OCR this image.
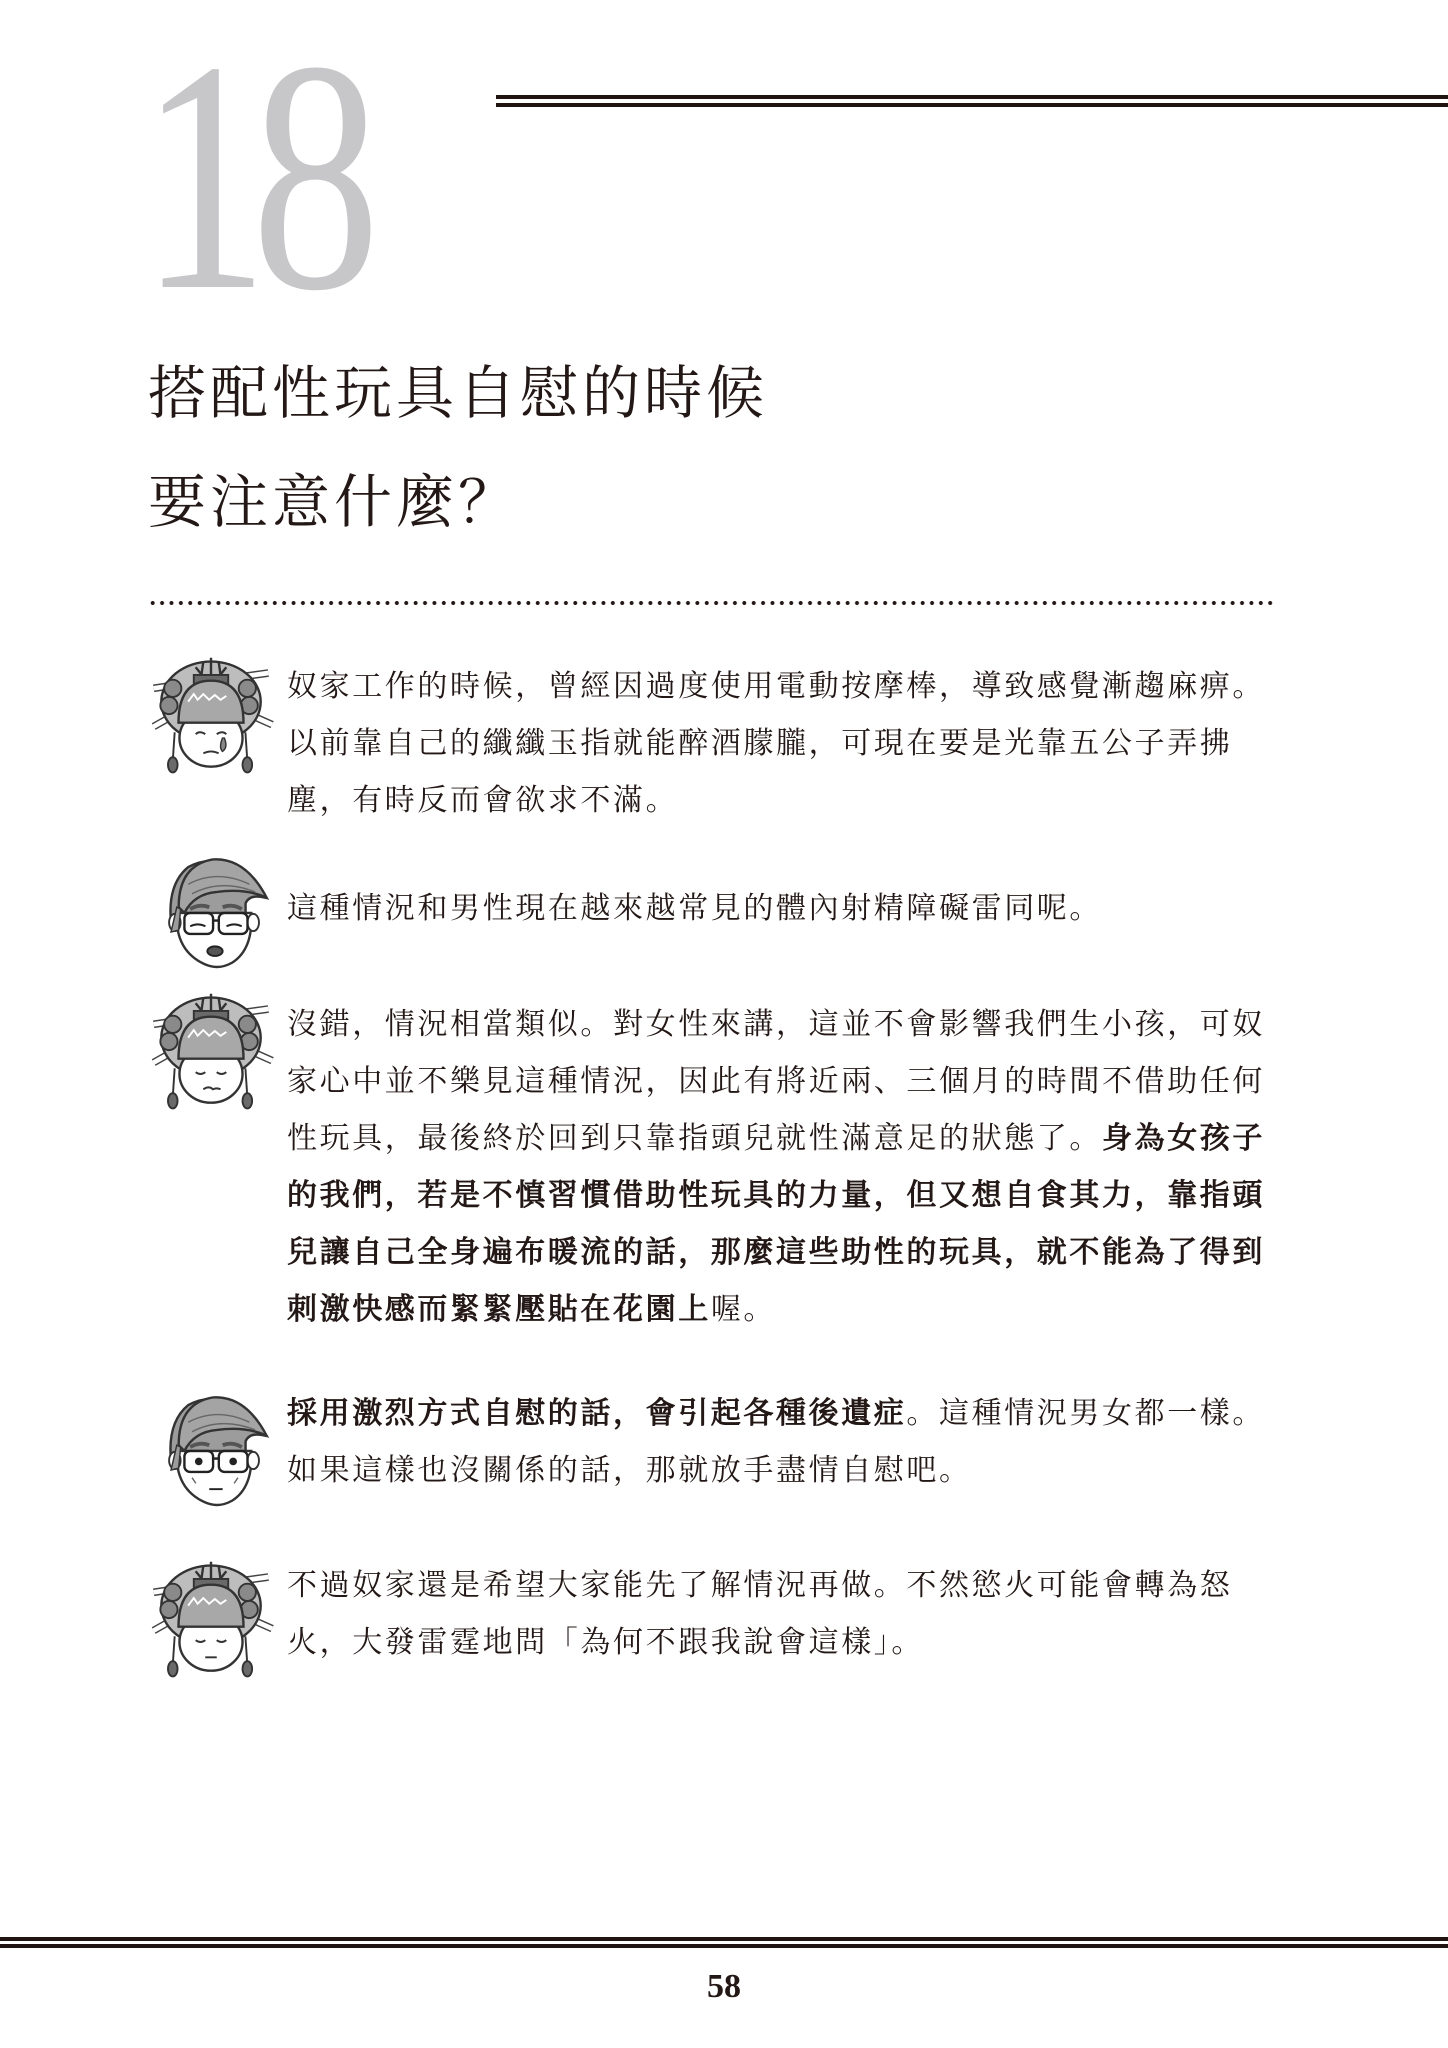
18
搭配性玩具自慰的時候
要注意什麼？
奴家工作的時候，曾經因過度使用電動按摩棒，導致感覺漸趨麻痹。
以前靠自己的纖纖玉指就能醉酒朦朧，可現在要是光靠五公子弄拂
塵，有時反而會欲求不滿。
這種情況和男性現在越來越常見的體內射精障礙雷同呢。
沒錯，情況相當類似。對女性來講，這並不會影響我們生小孩，可奴
家心中並不樂見這種情況，因此有將近兩、三個月的時間不借助任何
性玩具，最後終於回到只靠指頭兒就性滿意足的狀態了。身為女孩子
的我們，若是不慎習慣借助性玩具的力量，但又想自食其力，靠指頭
兒讓自己全身遍布暖流的話，那麼這些助性的玩具，就不能為了得到
刺激快感而緊緊壓貼在花園上喔。
採用激烈方式自慰的話，會引起各種後遺症。這種情況男女都一樣。
如果這樣也沒關係的話，那就放手盡情自慰吧。
不過奴家還是希望大家能先了解情況再做。不然慾火可能會轉為怒
火，大發雷霆地問「為何不跟我說會這樣」。
58
